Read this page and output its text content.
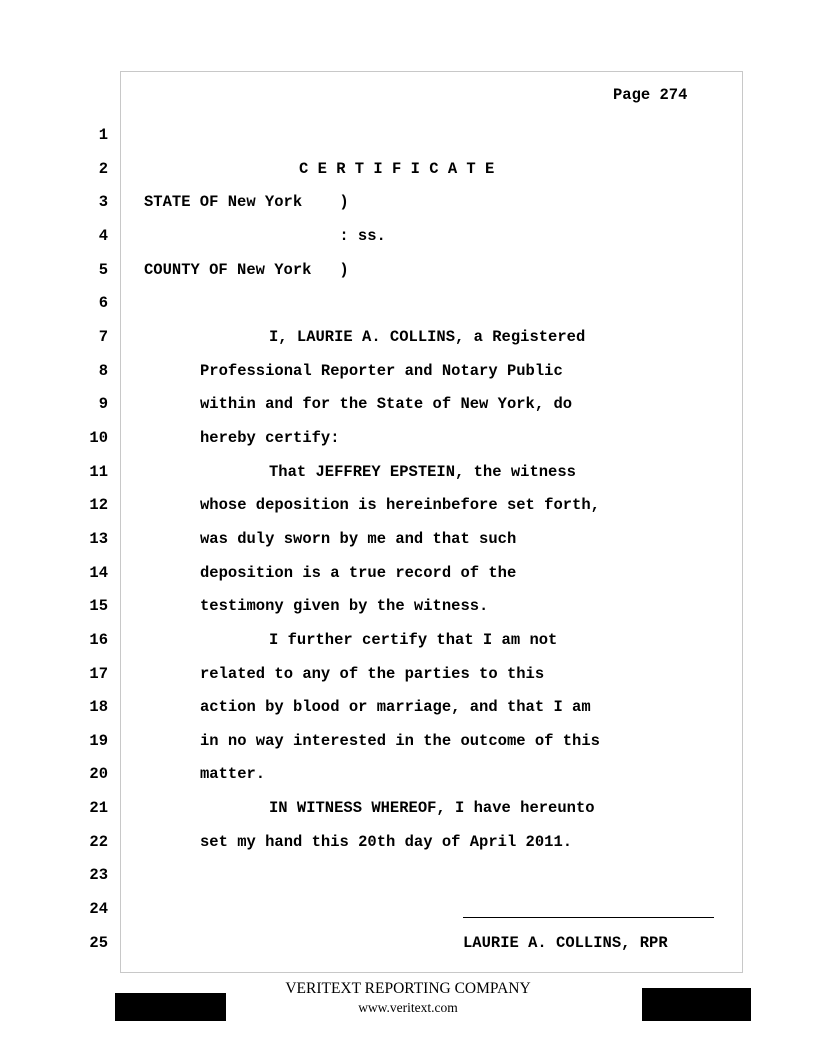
Page 274
1
2	C E R T I F I C A T E
3 STATE OF New York    )
4 : ss.
5 COUNTY OF New York   )
6
7	I, LAURIE A. COLLINS, a Registered
8	Professional Reporter and Notary Public
9	within and for the State of New York, do
10	hereby certify:
11	That JEFFREY EPSTEIN, the witness
12	whose deposition is hereinbefore set forth,
13	was duly sworn by me and that such
14	deposition is a true record of the
15	testimony given by the witness.
16	I further certify that I am not
17	related to any of the parties to this
18	action by blood or marriage, and that I am
19	in no way interested in the outcome of this
20	matter.
21	IN WITNESS WHEREOF, I have hereunto
22	set my hand this 20th day of April 2011.
23
24
25	LAURIE A. COLLINS, RPR
VERITEXT REPORTING COMPANY
www.veritext.com
